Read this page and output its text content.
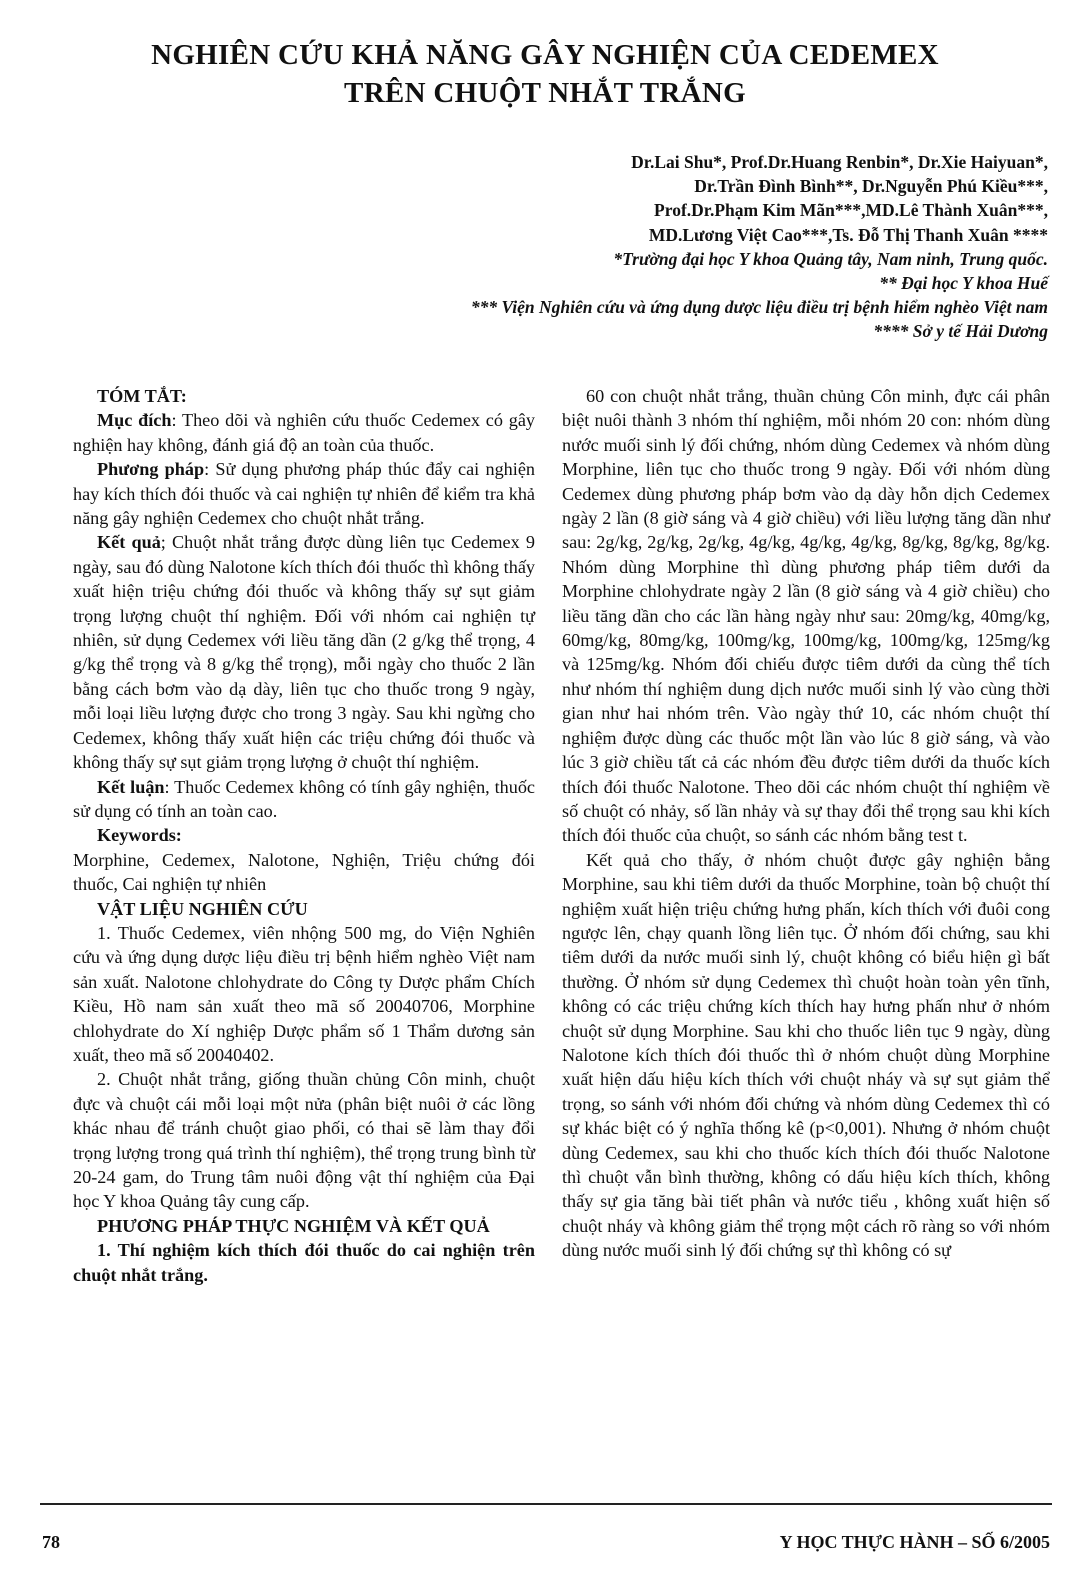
NGHIÊN CỨU KHẢ NĂNG GÂY NGHIỆN CỦA CEDEMEX
TRÊN CHUỘT NHẮT TRẮNG
Dr.Lai Shu*, Prof.Dr.Huang Renbin*, Dr.Xie Haiyuan*,
Dr.Trần Đình Bình**, Dr.Nguyễn Phú Kiều***,
Prof.Dr.Phạm Kim Mãn***,MD.Lê Thành Xuân***,
MD.Lương Việt Cao***,Ts. Đỗ Thị Thanh Xuân ****
*Trường đại học Y khoa Quảng tây, Nam ninh, Trung quốc.
** Đại học Y khoa Huế
*** Viện Nghiên cứu và ứng dụng dược liệu điều trị bệnh hiểm nghèo Việt nam
**** Sở y tế Hải Dương

TÓM TẮT:

Mục đích: Theo dõi và nghiên cứu thuốc Cedemex có gây nghiện hay không, đánh giá độ an toàn của thuốc.

Phương pháp: Sử dụng phương pháp thúc đẩy cai nghiện hay kích thích đói thuốc và cai nghiện tự nhiên để kiểm tra khả năng gây nghiện Cedemex cho chuột nhắt trắng.

Kết quả; Chuột nhắt trắng được dùng liên tục Cedemex 9 ngày, sau đó dùng Nalotone kích thích đói thuốc thì không thấy xuất hiện triệu chứng đói thuốc và không thấy sự sụt giảm trọng lượng chuột thí nghiệm. Đối với nhóm cai nghiện tự nhiên, sử dụng Cedemex với liều tăng dần (2 g/kg thể trọng, 4 g/kg thể trọng và 8 g/kg thể trọng), mỗi ngày cho thuốc 2 lần bằng cách bơm vào dạ dày, liên tục cho thuốc trong 9 ngày, mỗi loại liều lượng được cho trong 3 ngày. Sau khi ngừng cho Cedemex, không thấy xuất hiện các triệu chứng đói thuốc và không thấy sự sụt giảm trọng lượng ở chuột thí nghiệm.

Kết luận: Thuốc Cedemex không có tính gây nghiện, thuốc sử dụng có tính an toàn cao.

Keywords:

Morphine, Cedemex, Nalotone, Nghiện, Triệu chứng đói thuốc, Cai nghiện tự nhiên

VẬT LIỆU NGHIÊN CỨU

1. Thuốc Cedemex, viên nhộng 500 mg, do Viện Nghiên cứu và ứng dụng dược liệu điều trị bệnh hiểm nghèo Việt nam sản xuất. Nalotone chlohydrate do Công ty Dược phẩm Chích Kiều, Hồ nam sản xuất theo mã số 20040706, Morphine chlohydrate do Xí nghiệp Dược phẩm số 1 Thẩm dương sản xuất, theo mã số 20040402.

2. Chuột nhắt trắng, giống thuần chủng Côn minh, chuột đực và chuột cái mỗi loại một nửa (phân biệt nuôi ở các lồng khác nhau để tránh chuột giao phối, có thai sẽ làm thay đổi trọng lượng trong quá trình thí nghiệm), thể trọng trung bình từ 20-24 gam, do Trung tâm nuôi động vật thí nghiệm của Đại học Y khoa Quảng tây cung cấp.

PHƯƠNG PHÁP THỰC NGHIỆM VÀ KẾT QUẢ

1. Thí nghiệm kích thích đói thuốc do cai nghiện trên chuột nhắt trắng.

60 con chuột nhắt trắng, thuần chủng Côn minh, đực cái phân biệt nuôi thành 3 nhóm thí nghiệm, mỗi nhóm 20 con: nhóm dùng nước muối sinh lý đối chứng, nhóm dùng Cedemex và nhóm dùng Morphine, liên tục cho thuốc trong 9 ngày. Đối với nhóm dùng Cedemex dùng phương pháp bơm vào dạ dày hỗn dịch Cedemex ngày 2 lần (8 giờ sáng và 4 giờ chiều) với liều lượng tăng dần như sau: 2g/kg, 2g/kg, 2g/kg, 4g/kg, 4g/kg, 4g/kg, 8g/kg, 8g/kg, 8g/kg. Nhóm dùng Morphine thì dùng phương pháp tiêm dưới da Morphine chlohydrate ngày 2 lần (8 giờ sáng và 4 giờ chiều) cho liều tăng dần cho các lần hàng ngày như sau: 20mg/kg, 40mg/kg, 60mg/kg, 80mg/kg, 100mg/kg, 100mg/kg, 100mg/kg, 125mg/kg và 125mg/kg. Nhóm đối chiếu được tiêm dưới da cùng thể tích như nhóm thí nghiệm dung dịch nước muối sinh lý vào cùng thời gian như hai nhóm trên. Vào ngày thứ 10, các nhóm chuột thí nghiệm được dùng các thuốc một lần vào lúc 8 giờ sáng, và vào lúc 3 giờ chiều tất cả các nhóm đều được tiêm dưới da thuốc kích thích đói thuốc Nalotone. Theo dõi các nhóm chuột thí nghiệm về số chuột có nhảy, số lần nhảy và sự thay đổi thể trọng sau khi kích thích đói thuốc của chuột, so sánh các nhóm bằng test t.

Kết quả cho thấy, ở nhóm chuột được gây nghiện bằng Morphine, sau khi tiêm dưới da thuốc Morphine, toàn bộ chuột thí nghiệm xuất hiện triệu chứng hưng phấn, kích thích với đuôi cong ngược lên, chạy quanh lồng liên tục. Ở nhóm đối chứng, sau khi tiêm dưới da nước muối sinh lý, chuột không có biểu hiện gì bất thường. Ở nhóm sử dụng Cedemex thì chuột hoàn toàn yên tĩnh, không có các triệu chứng kích thích hay hưng phấn như ở nhóm chuột sử dụng Morphine. Sau khi cho thuốc liên tục 9 ngày, dùng Nalotone kích thích đói thuốc thì ở nhóm chuột dùng Morphine xuất hiện dấu hiệu kích thích với chuột nháy và sự sụt giảm thể trọng, so sánh với nhóm đối chứng và nhóm dùng Cedemex thì có sự khác biệt có ý nghĩa thống kê (p<0,001). Nhưng ở nhóm chuột dùng Cedemex, sau khi cho thuốc kích thích đói thuốc Nalotone thì chuột vẫn bình thường, không có dấu hiệu kích thích, không thấy sự gia tăng bài tiết phân và nước tiểu , không xuất hiện số chuột nháy và không giảm thể trọng một cách rõ ràng so với nhóm dùng nước muối sinh lý đối chứng sự thì không có sự

78	Y HỌC THỰC HÀNH – SỐ 6/2005
